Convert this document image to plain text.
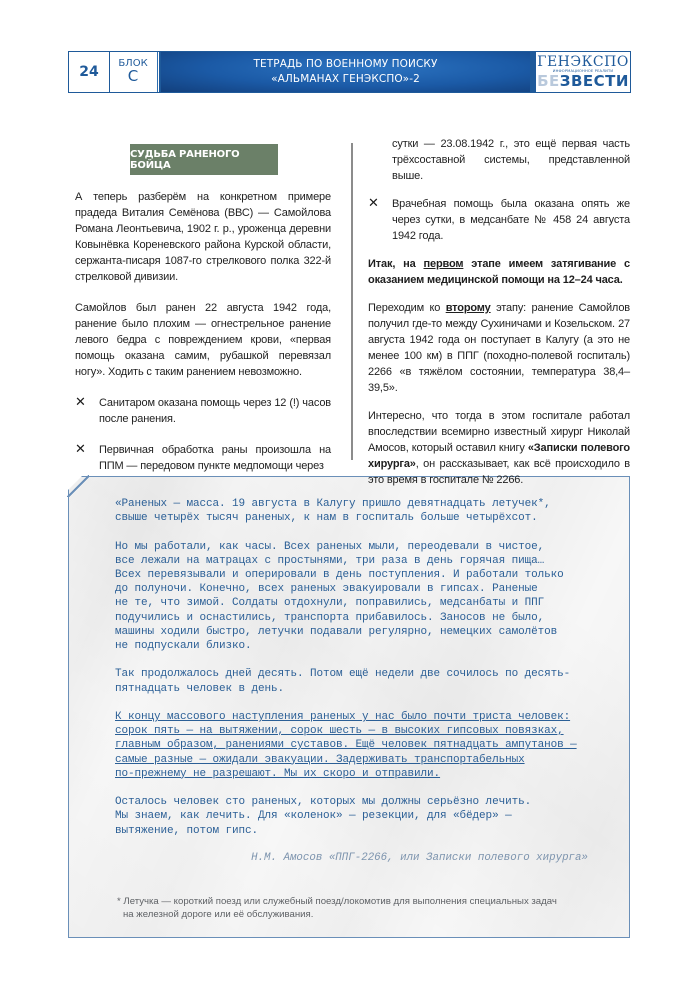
24
БЛОК
С
ТЕТРАДЬ ПО ВОЕННОМУ ПОИСКУ
«АЛЬМАНАХ ГЕНЭКСПО»-2
ГЕНЭКСПО
ИНФОРМАЦИОННОЕ РЕАЛИТИ
БЕЗВЕСТИ
СУДЬБА РАНЕНОГО БОЙЦА

А теперь разберём на конкретном примере прадеда Виталия Семёнова (ВВС) — Самойлова Романа Леонтьевича, 1902 г. р., уроженца деревни Ковынёвка Кореневского района Курской области, сержанта-писаря 1087-го стрелкового полка 322-й стрелковой дивизии.

Самойлов был ранен 22 августа 1942 года, ранение было плохим — огнестрельное ранение левого бедра с повреждением крови, «первая помощь оказана самим, рубашкой перевязал ногу». Ходить с таким ранением невозможно.

✕	Санитаром оказана помощь через 12 (!) часов после ранения.

✕	Первичная обработка раны произошла на ППМ — передовом пункте медпомощи через

сутки — 23.08.1942 г., это ещё первая часть трёхсоставной системы, представленной выше.

✕	Врачебная помощь была оказана опять же через сутки, в медсанбате № 458 24 августа 1942 года.

Итак, на первом этапе имеем затягивание с оказанием медицинской помощи на 12–24 часа.

Переходим ко второму этапу: ранение Самойлов получил где-то между Сухиничами и Козельском. 27 августа 1942 года он поступает в Калугу (а это не менее 100 км) в ППГ (походно-полевой госпиталь) 2266 «в тяжёлом состоянии, температура 38,4–39,5».

Интересно, что тогда в этом госпитале работал впоследствии всемирно известный хирург Николай Амосов, который оставил книгу «Записки полевого хирурга», он рассказывает, как всё происходило в это время в госпитале № 2266.

«Раненых — масса. 19 августа в Калугу пришло девятнадцать летучек*,
свыше четырёх тысяч раненых, к нам в госпиталь больше четырёхсот.

Но мы работали, как часы. Всех раненых мыли, переодевали в чистое,
все лежали на матрацах с простынями, три раза в день горячая пища…
Всех перевязывали и оперировали в день поступления. И работали только
до полуночи. Конечно, всех раненых эвакуировали в гипсах. Раненые
не те, что зимой. Солдаты отдохнули, поправились, медсанбаты и ППГ
подучились и оснастились, транспорта прибавилось. Заносов не было,
машины ходили быстро, летучки подавали регулярно, немецких самолётов
не подпускали близко.

Так продолжалось дней десять. Потом ещё недели две сочилось по десять-
пятнадцать человек в день.

К концу массового наступления раненых у нас было почти триста человек:
сорок пять — на вытяжении, сорок шесть — в высоких гипсовых повязках,
главным образом, ранениями суставов. Ещё человек пятнадцать ампутанов —
самые разные — ожидали эвакуации. Задерживать транспортабельных
по-прежнему не разрешают. Мы их скоро и отправили.

Осталось человек сто раненых, которых мы должны серьёзно лечить.
Мы знаем, как лечить. Для «коленок» — резекции, для «бёдер» —
вытяжение, потом гипс.

Н.М. Амосов «ППГ-2266, или Записки полевого хирурга»
* Летучка — короткий поезд или служебный поезд/локомотив для выполнения специальных задач
на железной дороге или её обслуживания.
